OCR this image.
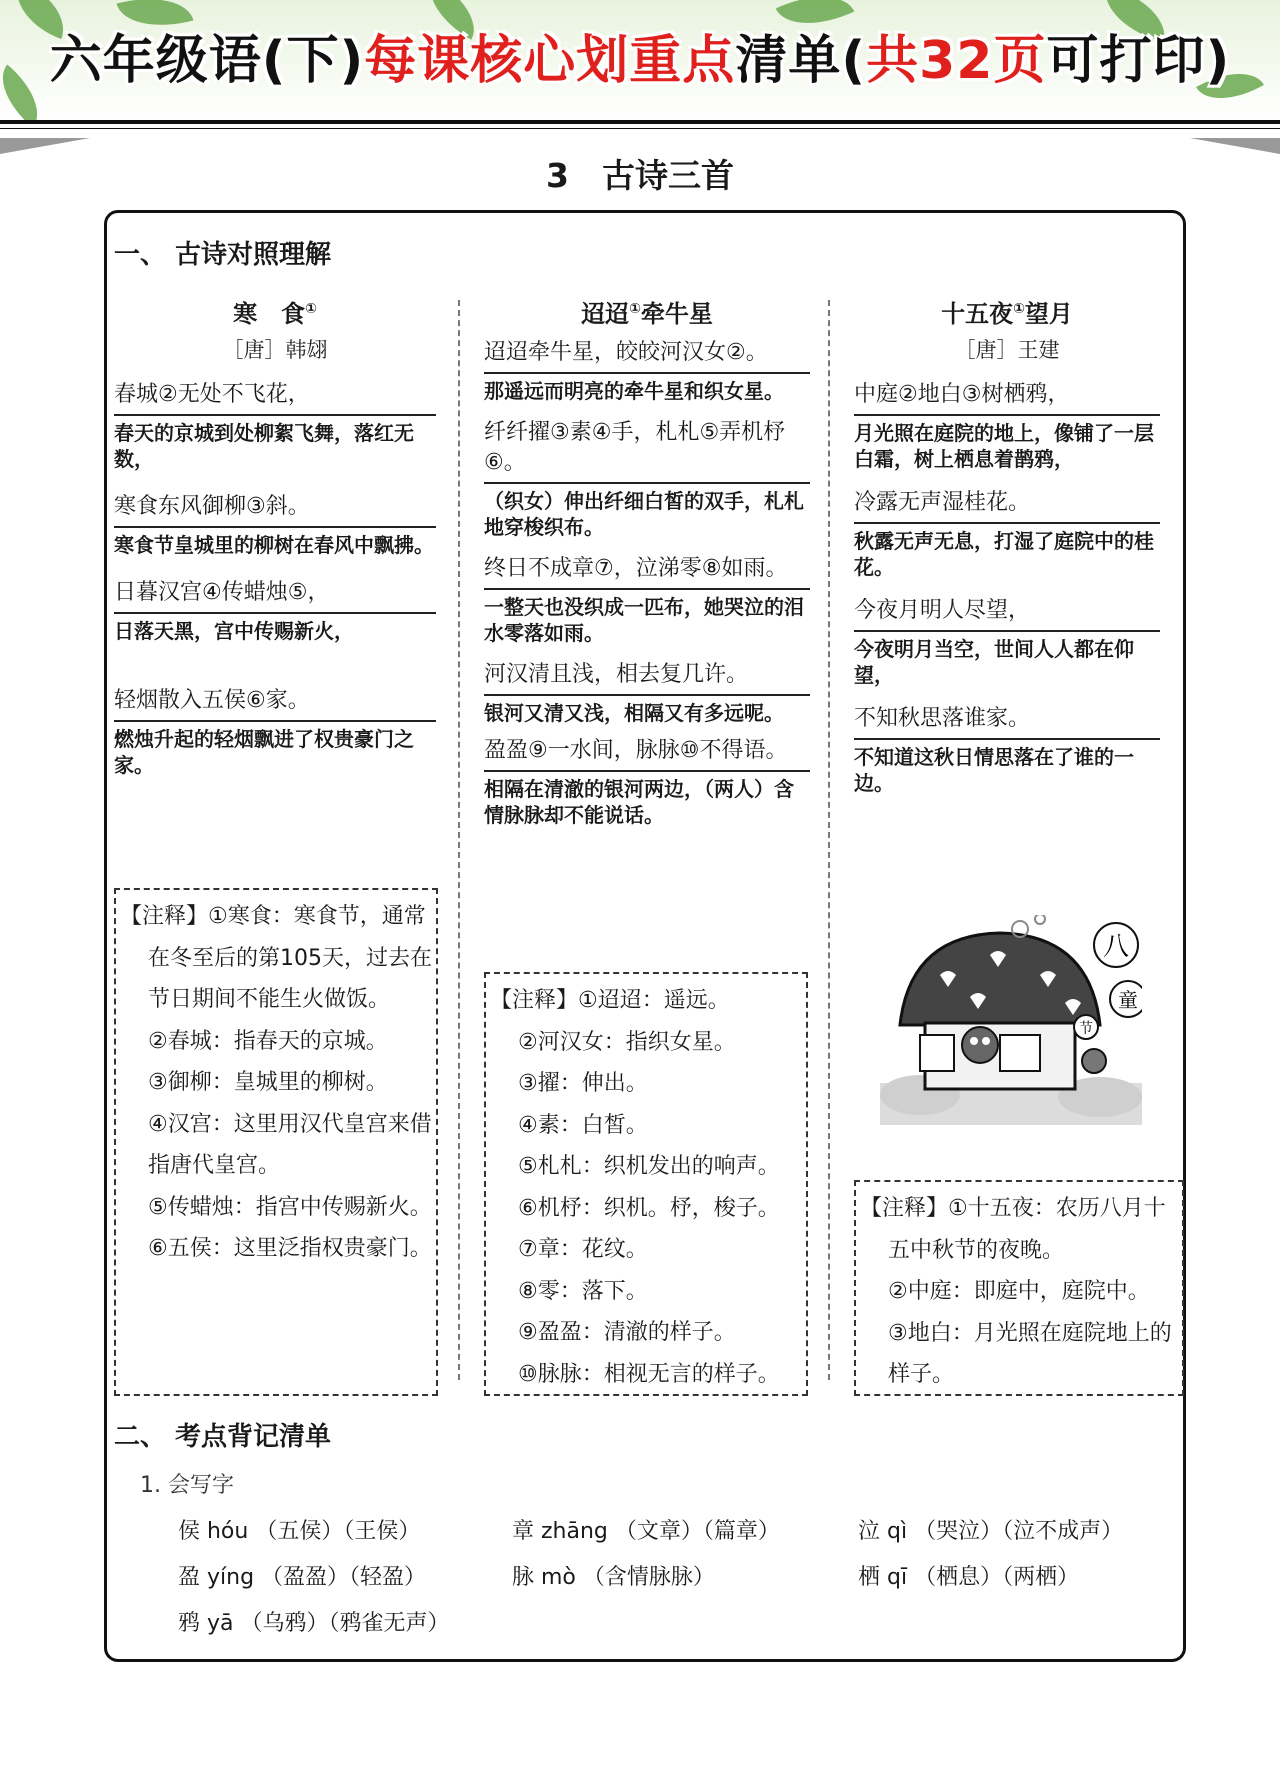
六年级语(下)每课核心划重点清单(共32页可打印)
3　古诗三首
一、 古诗对照理解
寒　食①
［唐］韩翃
春城②无处不飞花，
春天的京城到处柳絮飞舞，落红无数，
寒食东风御柳③斜。
寒食节皇城里的柳树在春风中飘拂。
日暮汉宫④传蜡烛⑤，
日落天黑，宫中传赐新火，
轻烟散入五侯⑥家。
燃烛升起的轻烟飘进了权贵豪门之家。
迢迢①牵牛星
迢迢牵牛星，皎皎河汉女②。
那遥远而明亮的牵牛星和织女星。
纤纤擢③素④手，札札⑤弄机杼⑥。
（织女）伸出纤细白皙的双手，札札地穿梭织布。
终日不成章⑦，泣涕零⑧如雨。
一整天也没织成一匹布，她哭泣的泪水零落如雨。
河汉清且浅，相去复几许。
银河又清又浅，相隔又有多远呢。
盈盈⑨一水间，脉脉⑩不得语。
相隔在清澈的银河两边，（两人）含情脉脉却不能说话。
十五夜①望月
［唐］王建
中庭②地白③树栖鸦，
月光照在庭院的地上，像铺了一层白霜，树上栖息着鹊鸦，
冷露无声湿桂花。
秋露无声无息，打湿了庭院中的桂花。
今夜月明人尽望，
今夜明月当空，世间人人都在仰望，
不知秋思落谁家。
不知道这秋日情思落在了谁的一边。

【注释】①寒食：寒食节，通常在冬至后的第105天，过去在节日期间不能生火做饭。

②春城：指春天的京城。

③御柳：皇城里的柳树。

④汉宫：这里用汉代皇宫来借指唐代皇宫。

⑤传蜡烛：指宫中传赐新火。

⑥五侯：这里泛指权贵豪门。

【注释】①迢迢：遥远。

②河汉女：指织女星。

③擢：伸出。

④素：白皙。

⑤札札：织机发出的响声。

⑥机杼：织机。杼，梭子。

⑦章：花纹。

⑧零：落下。

⑨盈盈：清澈的样子。

⑩脉脉：相视无言的样子。

【注释】①十五夜：农历八月十五中秋节的夜晚。

②中庭：即庭中，庭院中。

③地白：月光照在庭院地上的样子。

八
童
节
二、 考点背记清单
1. 会写字
侯 hóu （五侯）（王侯）	章 zhāng （文章）（篇章）	泣 qì （哭泣）（泣不成声）
盈 yíng （盈盈）（轻盈）	脉 mò （含情脉脉）	栖 qī （栖息）（两栖）
鸦 yā （乌鸦）（鸦雀无声）
